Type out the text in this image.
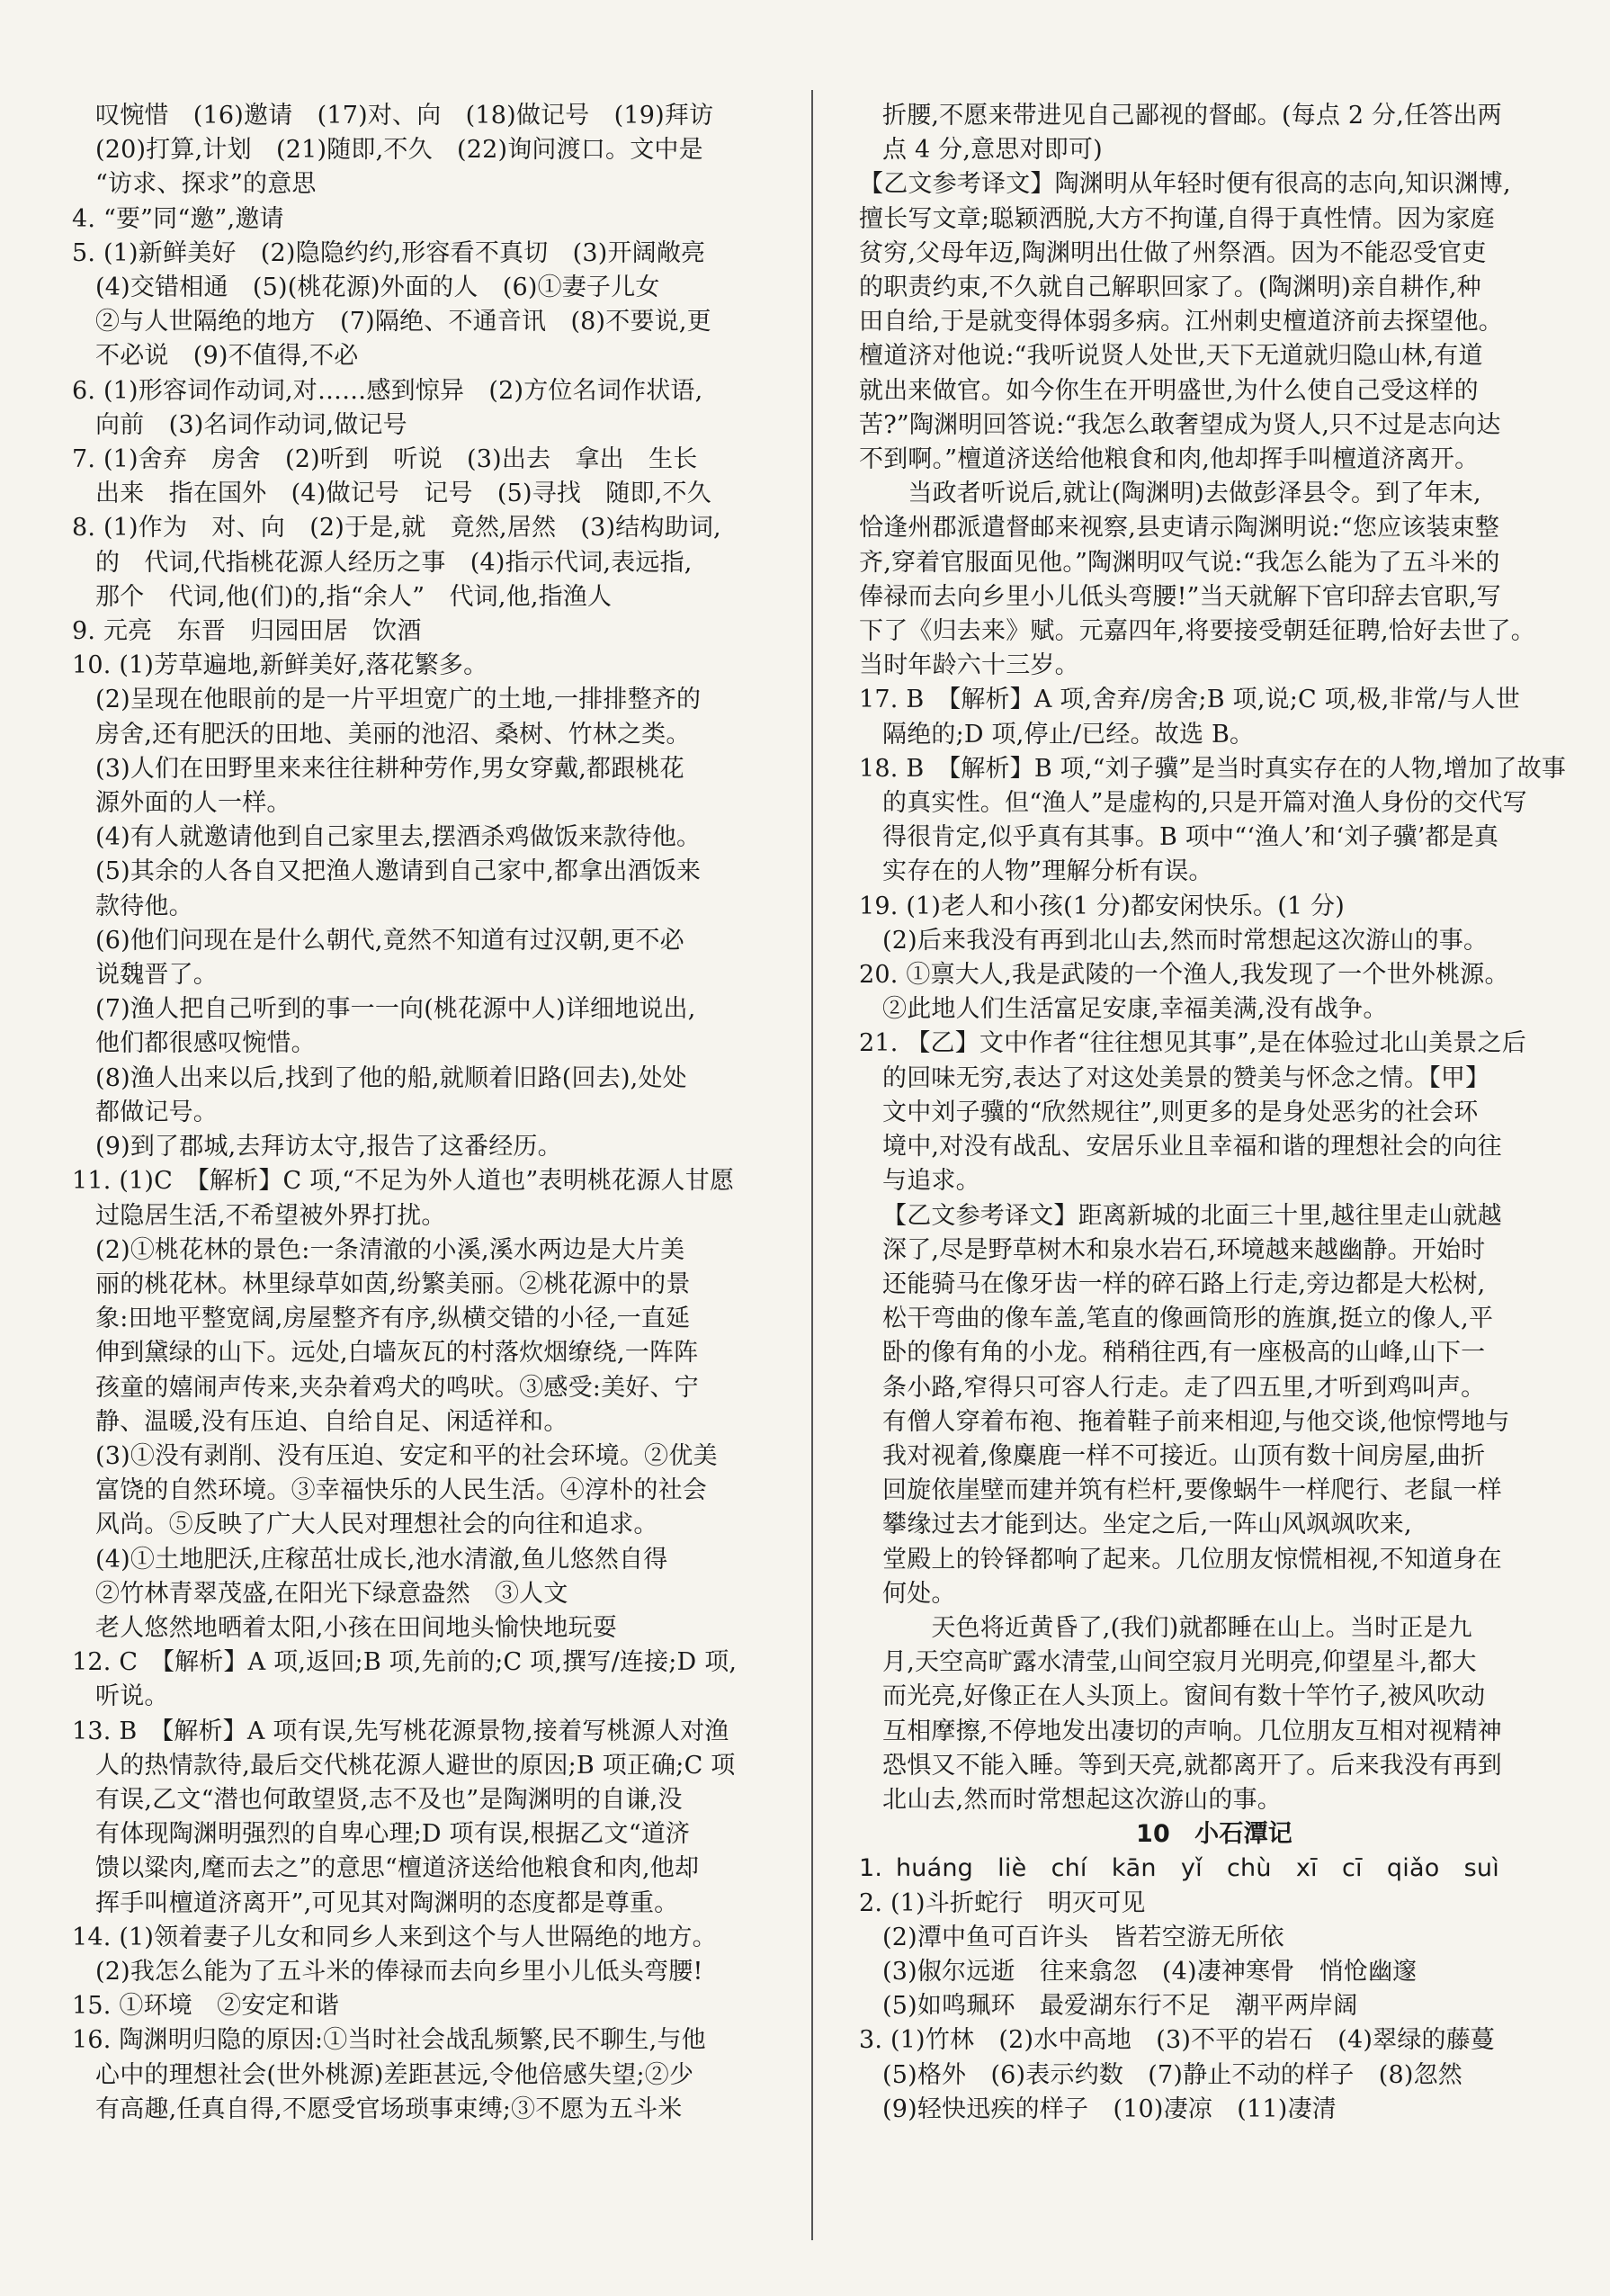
叹惋惜　(16)邀请　(17)对、向　(18)做记号　(19)拜访
(20)打算,计划　(21)随即,不久　(22)询问渡口。文中是
“访求、探求”的意思
4. “要”同“邀”,邀请
5. (1)新鲜美好　(2)隐隐约约,形容看不真切　(3)开阔敞亮
(4)交错相通　(5)(桃花源)外面的人　(6)①妻子儿女
②与人世隔绝的地方　(7)隔绝、不通音讯　(8)不要说,更
不必说　(9)不值得,不必
6. (1)形容词作动词,对……感到惊异　(2)方位名词作状语,
向前　(3)名词作动词,做记号
7. (1)舍弃　房舍　(2)听到　听说　(3)出去　拿出　生长
出来　指在国外　(4)做记号　记号　(5)寻找　随即,不久
8. (1)作为　对、向　(2)于是,就　竟然,居然　(3)结构助词,
的　代词,代指桃花源人经历之事　(4)指示代词,表远指,
那个　代词,他(们)的,指“余人”　代词,他,指渔人
9. 元亮　东晋　归园田居　饮酒
10. (1)芳草遍地,新鲜美好,落花繁多。
(2)呈现在他眼前的是一片平坦宽广的土地,一排排整齐的
房舍,还有肥沃的田地、美丽的池沼、桑树、竹林之类。
(3)人们在田野里来来往往耕种劳作,男女穿戴,都跟桃花
源外面的人一样。
(4)有人就邀请他到自己家里去,摆酒杀鸡做饭来款待他。
(5)其余的人各自又把渔人邀请到自己家中,都拿出酒饭来
款待他。
(6)他们问现在是什么朝代,竟然不知道有过汉朝,更不必
说魏晋了。
(7)渔人把自己听到的事一一向(桃花源中人)详细地说出,
他们都很感叹惋惜。
(8)渔人出来以后,找到了他的船,就顺着旧路(回去),处处
都做记号。
(9)到了郡城,去拜访太守,报告了这番经历。
11. (1)C　【解析】C 项,“不足为外人道也”表明桃花源人甘愿
过隐居生活,不希望被外界打扰。
(2)①桃花林的景色:一条清澈的小溪,溪水两边是大片美
丽的桃花林。林里绿草如茵,纷繁美丽。②桃花源中的景
象:田地平整宽阔,房屋整齐有序,纵横交错的小径,一直延
伸到黛绿的山下。远处,白墙灰瓦的村落炊烟缭绕,一阵阵
孩童的嬉闹声传来,夹杂着鸡犬的鸣吠。③感受:美好、宁
静、温暖,没有压迫、自给自足、闲适祥和。
(3)①没有剥削、没有压迫、安定和平的社会环境。②优美
富饶的自然环境。③幸福快乐的人民生活。④淳朴的社会
风尚。⑤反映了广大人民对理想社会的向往和追求。
(4)①土地肥沃,庄稼茁壮成长,池水清澈,鱼儿悠然自得
②竹林青翠茂盛,在阳光下绿意盎然　③人文
老人悠然地晒着太阳,小孩在田间地头愉快地玩耍
12. C　【解析】A 项,返回;B 项,先前的;C 项,撰写/连接;D 项,
听说。
13. B　【解析】A 项有误,先写桃花源景物,接着写桃源人对渔
人的热情款待,最后交代桃花源人避世的原因;B 项正确;C 项
有误,乙文“潜也何敢望贤,志不及也”是陶渊明的自谦,没
有体现陶渊明强烈的自卑心理;D 项有误,根据乙文“道济
馈以粱肉,麾而去之”的意思“檀道济送给他粮食和肉,他却
挥手叫檀道济离开”,可见其对陶渊明的态度都是尊重。
14. (1)领着妻子儿女和同乡人来到这个与人世隔绝的地方。
(2)我怎么能为了五斗米的俸禄而去向乡里小儿低头弯腰!
15. ①环境　②安定和谐
16. 陶渊明归隐的原因:①当时社会战乱频繁,民不聊生,与他
心中的理想社会(世外桃源)差距甚远,令他倍感失望;②少
有高趣,任真自得,不愿受官场琐事束缚;③不愿为五斗米
折腰,不愿来带进见自己鄙视的督邮。(每点 2 分,任答出两
点 4 分,意思对即可)
【乙文参考译文】陶渊明从年轻时便有很高的志向,知识渊博,
擅长写文章;聪颖洒脱,大方不拘谨,自得于真性情。因为家庭
贫穷,父母年迈,陶渊明出仕做了州祭酒。因为不能忍受官吏
的职责约束,不久就自己解职回家了。(陶渊明)亲自耕作,种
田自给,于是就变得体弱多病。江州刺史檀道济前去探望他。
檀道济对他说:“我听说贤人处世,天下无道就归隐山林,有道
就出来做官。如今你生在开明盛世,为什么使自己受这样的
苦?”陶渊明回答说:“我怎么敢奢望成为贤人,只不过是志向达
不到啊。”檀道济送给他粮食和肉,他却挥手叫檀道济离开。
　　当政者听说后,就让(陶渊明)去做彭泽县令。到了年末,
恰逢州郡派遣督邮来视察,县吏请示陶渊明说:“您应该装束整
齐,穿着官服面见他。”陶渊明叹气说:“我怎么能为了五斗米的
俸禄而去向乡里小儿低头弯腰!”当天就解下官印辞去官职,写
下了《归去来》赋。元嘉四年,将要接受朝廷征聘,恰好去世了。
当时年龄六十三岁。
17. B　【解析】A 项,舍弃/房舍;B 项,说;C 项,极,非常/与人世
隔绝的;D 项,停止/已经。故选 B。
18. B　【解析】B 项,“刘子骥”是当时真实存在的人物,增加了故事
的真实性。但“渔人”是虚构的,只是开篇对渔人身份的交代写
得很肯定,似乎真有其事。B 项中“‘渔人’和‘刘子骥’都是真
实存在的人物”理解分析有误。
19. (1)老人和小孩(1 分)都安闲快乐。(1 分)
(2)后来我没有再到北山去,然而时常想起这次游山的事。
20. ①禀大人,我是武陵的一个渔人,我发现了一个世外桃源。
②此地人们生活富足安康,幸福美满,没有战争。
21. 【乙】文中作者“往往想见其事”,是在体验过北山美景之后
的回味无穷,表达了对这处美景的赞美与怀念之情。【甲】
文中刘子骥的“欣然规往”,则更多的是身处恶劣的社会环
境中,对没有战乱、安居乐业且幸福和谐的理想社会的向往
与追求。
【乙文参考译文】距离新城的北面三十里,越往里走山就越
深了,尽是野草树木和泉水岩石,环境越来越幽静。开始时
还能骑马在像牙齿一样的碎石路上行走,旁边都是大松树,
松干弯曲的像车盖,笔直的像画筒形的旌旗,挺立的像人,平
卧的像有角的小龙。稍稍往西,有一座极高的山峰,山下一
条小路,窄得只可容人行走。走了四五里,才听到鸡叫声。
有僧人穿着布袍、拖着鞋子前来相迎,与他交谈,他惊愕地与
我对视着,像麋鹿一样不可接近。山顶有数十间房屋,曲折
回旋依崖壁而建并筑有栏杆,要像蜗牛一样爬行、老鼠一样
攀缘过去才能到达。坐定之后,一阵山风飒飒吹来,
堂殿上的铃铎都响了起来。几位朋友惊慌相视,不知道身在
何处。
　　天色将近黄昏了,(我们)就都睡在山上。当时正是九
月,天空高旷露水清莹,山间空寂月光明亮,仰望星斗,都大
而光亮,好像正在人头顶上。窗间有数十竿竹子,被风吹动
互相摩擦,不停地发出凄切的声响。几位朋友互相对视精神
恐惧又不能入睡。等到天亮,就都离开了。后来我没有再到
北山去,然而时常想起这次游山的事。
10　小石潭记
1. huáng　liè　chí　kān　yǐ　chù　xī　cī　qiǎo　suì
2. (1)斗折蛇行　明灭可见
(2)潭中鱼可百许头　皆若空游无所依
(3)俶尔远逝　往来翕忽　(4)凄神寒骨　悄怆幽邃
(5)如鸣珮环　最爱湖东行不足　潮平两岸阔
3. (1)竹林　(2)水中高地　(3)不平的岩石　(4)翠绿的藤蔓
(5)格外　(6)表示约数　(7)静止不动的样子　(8)忽然
(9)轻快迅疾的样子　(10)凄凉　(11)凄清
